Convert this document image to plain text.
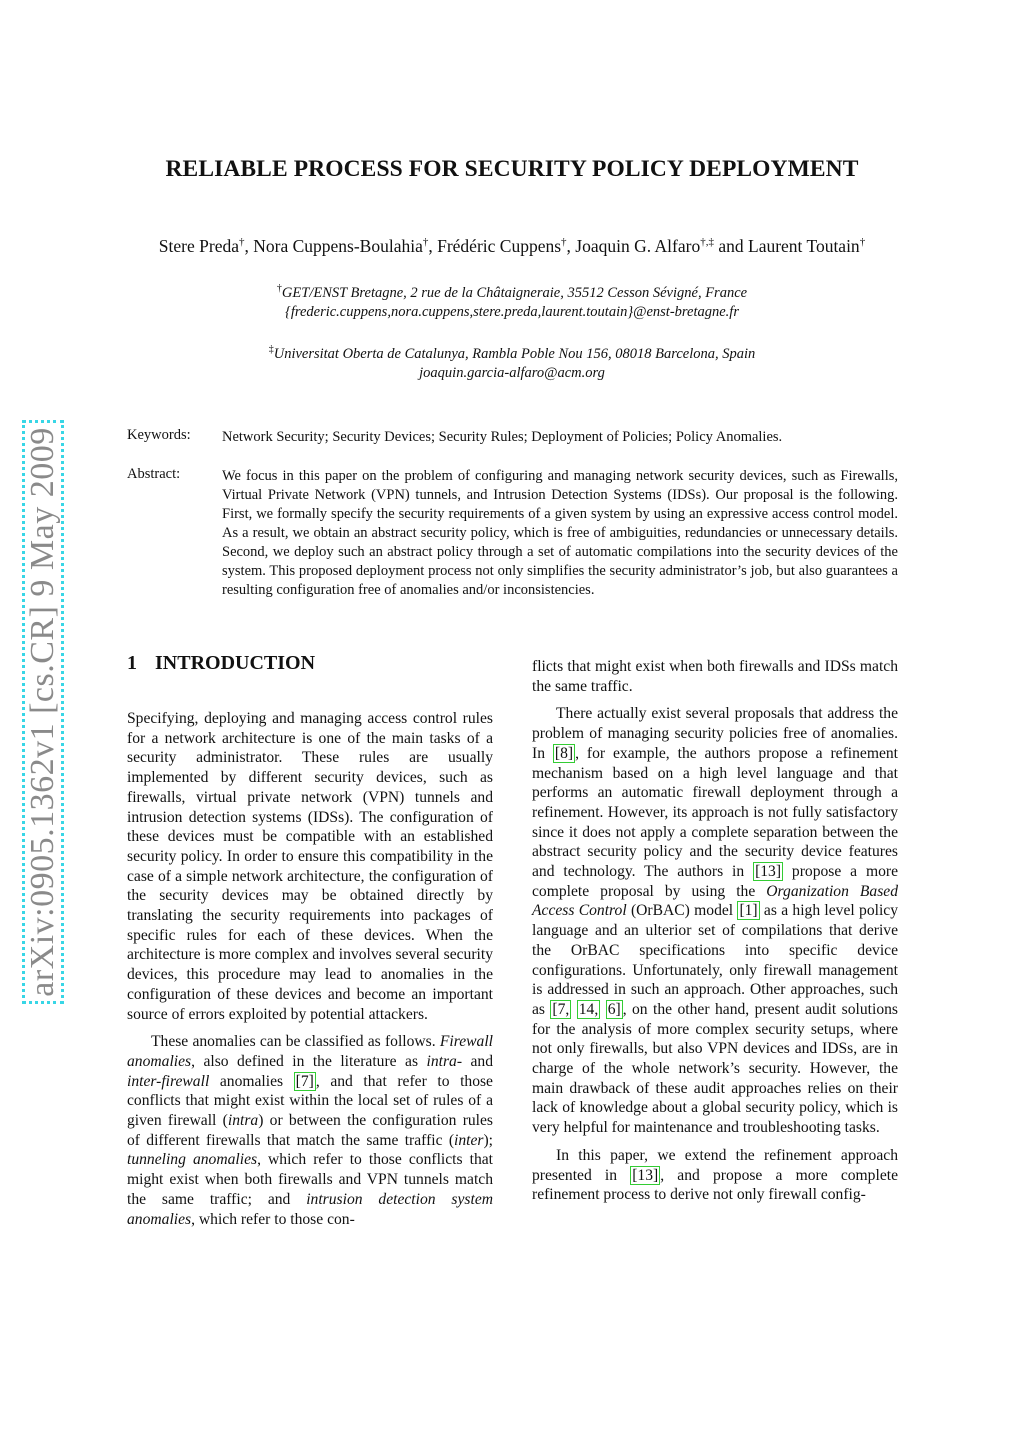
arXiv:0905.1362v1 [cs.CR] 9 May 2009
RELIABLE PROCESS FOR SECURITY POLICY DEPLOYMENT
Stere Preda†, Nora Cuppens-Boulahia†, Frédéric Cuppens†, Joaquin G. Alfaro†,‡ and Laurent Toutain†
†GET/ENST Bretagne, 2 rue de la Châtaigneraie, 35512 Cesson Sévigné, France
{frederic.cuppens,nora.cuppens,stere.preda,laurent.toutain}@enst-bretagne.fr
‡Universitat Oberta de Catalunya, Rambla Poble Nou 156, 08018 Barcelona, Spain
joaquin.garcia-alfaro@acm.org
Keywords: Network Security; Security Devices; Security Rules; Deployment of Policies; Policy Anomalies.
Abstract:	We focus in this paper on the problem of configuring and managing network security devices, such as Firewalls, Virtual Private Network (VPN) tunnels, and Intrusion Detection Systems (IDSs). Our proposal is the following. First, we formally specify the security requirements of a given system by using an expressive access control model. As a result, we obtain an abstract security policy, which is free of ambiguities, redundancies or unnecessary details. Second, we deploy such an abstract policy through a set of automatic compilations into the security devices of the system. This proposed deployment process not only simplifies the security administrator’s job, but also guarantees a resulting configuration free of anomalies and/or inconsistencies.
1 INTRODUCTION

Specifying, deploying and managing access control rules for a network architecture is one of the main tasks of a security administrator. These rules are usually implemented by different security devices, such as firewalls, virtual private network (VPN) tunnels and intrusion detection systems (IDSs). The configuration of these devices must be compatible with an established security policy. In order to ensure this compatibility in the case of a simple network architecture, the configuration of the security devices may be obtained directly by translating the security requirements into packages of specific rules for each of these devices. When the architecture is more complex and involves several security devices, this procedure may lead to anomalies in the configuration of these devices and become an important source of errors exploited by potential attackers.

These anomalies can be classified as follows. Firewall anomalies, also defined in the literature as intra- and inter-firewall anomalies [7] , and that refer to those conflicts that might exist within the local set of rules of a given firewall (intra) or between the configuration rules of different firewalls that match the same traffic (inter); tunneling anomalies, which refer to those conflicts that might exist when both firewalls and VPN tunnels match the same traffic; and intrusion detection system anomalies, which refer to those con-

flicts that might exist when both firewalls and IDSs match the same traffic.

There actually exist several proposals that address the problem of managing security policies free of anomalies. In [8] , for example, the authors propose a refinement mechanism based on a high level language and that performs an automatic firewall deployment through a refinement. However, its approach is not fully satisfactory since it does not apply a complete separation between the abstract security policy and the security device features and technology. The authors in [13] propose a more complete proposal by using the Organization Based Access Control (OrBAC) model [1] as a high level policy language and an ulterior set of compilations that derive the OrBAC specifications into specific device configurations. Unfortunately, only firewall management is addressed in such an approach. Other approaches, such as [7, 14, 6] , on the other hand, present audit solutions for the analysis of more complex security setups, where not only firewalls, but also VPN devices and IDSs, are in charge of the whole network’s security. However, the main drawback of these audit approaches relies on their lack of knowledge about a global security policy, which is very helpful for maintenance and troubleshooting tasks.

In this paper, we extend the refinement approach presented in [13] , and propose a more complete refinement process to derive not only firewall config-
